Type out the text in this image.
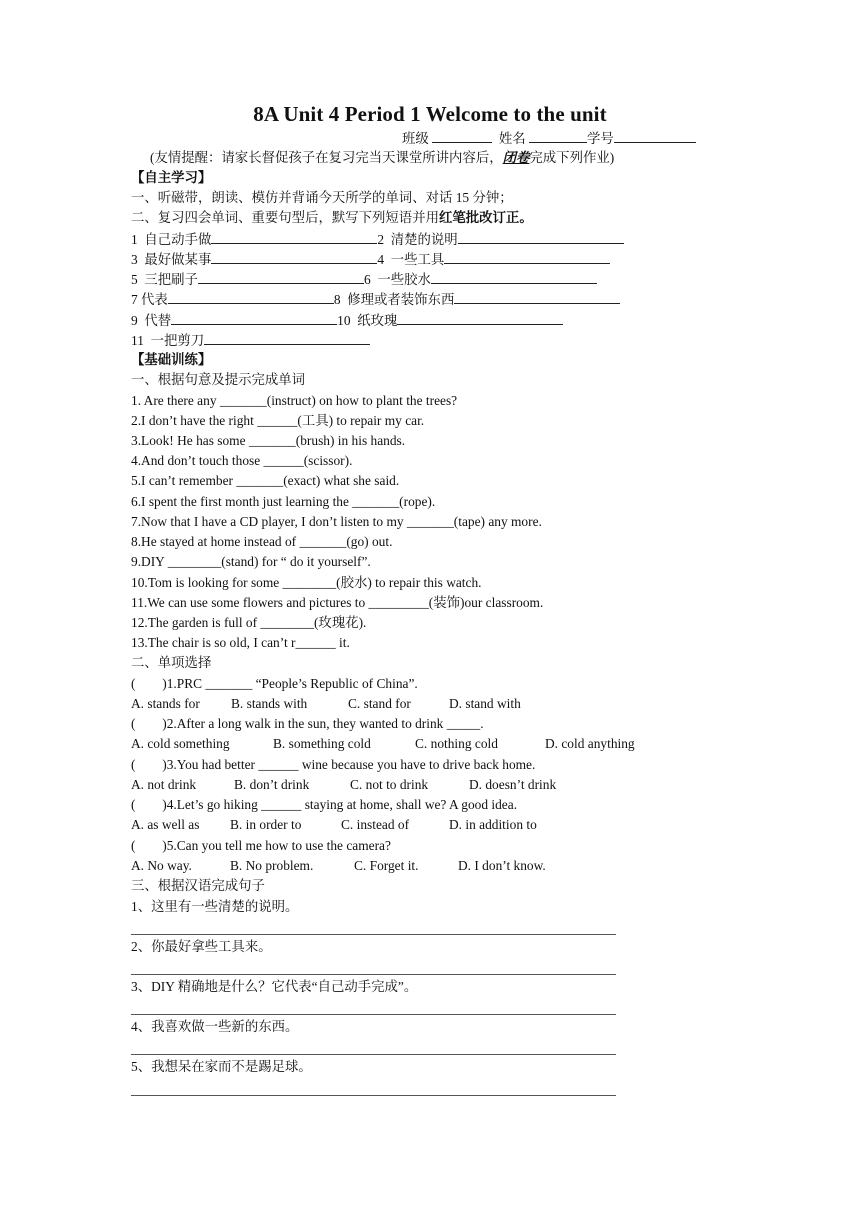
8A Unit 4 Period 1 Welcome to the unit
班级	姓名	学号
(友情提醒：请家长督促孩子在复习完当天课堂所讲内容后，闭卷完成下列作业)
【自主学习】
一、听磁带，朗读、模仿并背诵今天所学的单词、对话 15 分钟；
二、复习四会单词、重要句型后，默写下列短语并用红笔批改订正。
1  自己动手做	2  清楚的说明
3  最好做某事	4  一些工具
5  三把刷子	6  一些胶水
7 代表	8  修理或者装饰东西
9  代替	10  纸玫瑰
11  一把剪刀
【基础训练】
一、根据句意及提示完成单词
1. Are there any _______(instruct) on how to plant the trees?
2.I don’t have the right ______(工具) to repair my car.
3.Look! He has some _______(brush) in his hands.
4.And don’t touch those ______(scissor).
5.I can’t remember _______(exact) what she said.
6.I spent the first month just learning the _______(rope).
7.Now that I have a CD player, I don’t listen to my _______(tape) any more.
8.He stayed at home instead of _______(go) out.
9.DIY ________(stand) for “ do it yourself”.
10.Tom is looking for some ________(胶水) to repair this watch.
11.We can use some flowers and pictures to _________(装饰)our classroom.
12.The garden is full of ________(玫瑰花).
13.The chair is so old, I can’t r______ it.
二、单项选择
(        )1.PRC _______ “People’s Republic of China”.
A. stands for B. stands with	C. stand for	D. stand with
(        )2.After a long walk in the sun, they wanted to drink _____.
A. cold something	B. something cold	C. nothing cold	D. cold anything
(        )3.You had better ______ wine because you have to drive back home.
A. not drink	B. don’t drink	C. not to drink	D. doesn’t drink
(        )4.Let’s go hiking ______ staying at home, shall we? A good idea.
A. as well as B. in order to	C. instead of	D. in addition to
(        )5.Can you tell me how to use the camera?
A. No way.	B. No problem.	C. Forget it.	D. I don’t know.
三、根据汉语完成句子
1、这里有一些清楚的说明。
2、你最好拿些工具来。
3、DIY 精确地是什么？它代表“自己动手完成”。
4、我喜欢做一些新的东西。
5、我想呆在家而不是踢足球。
